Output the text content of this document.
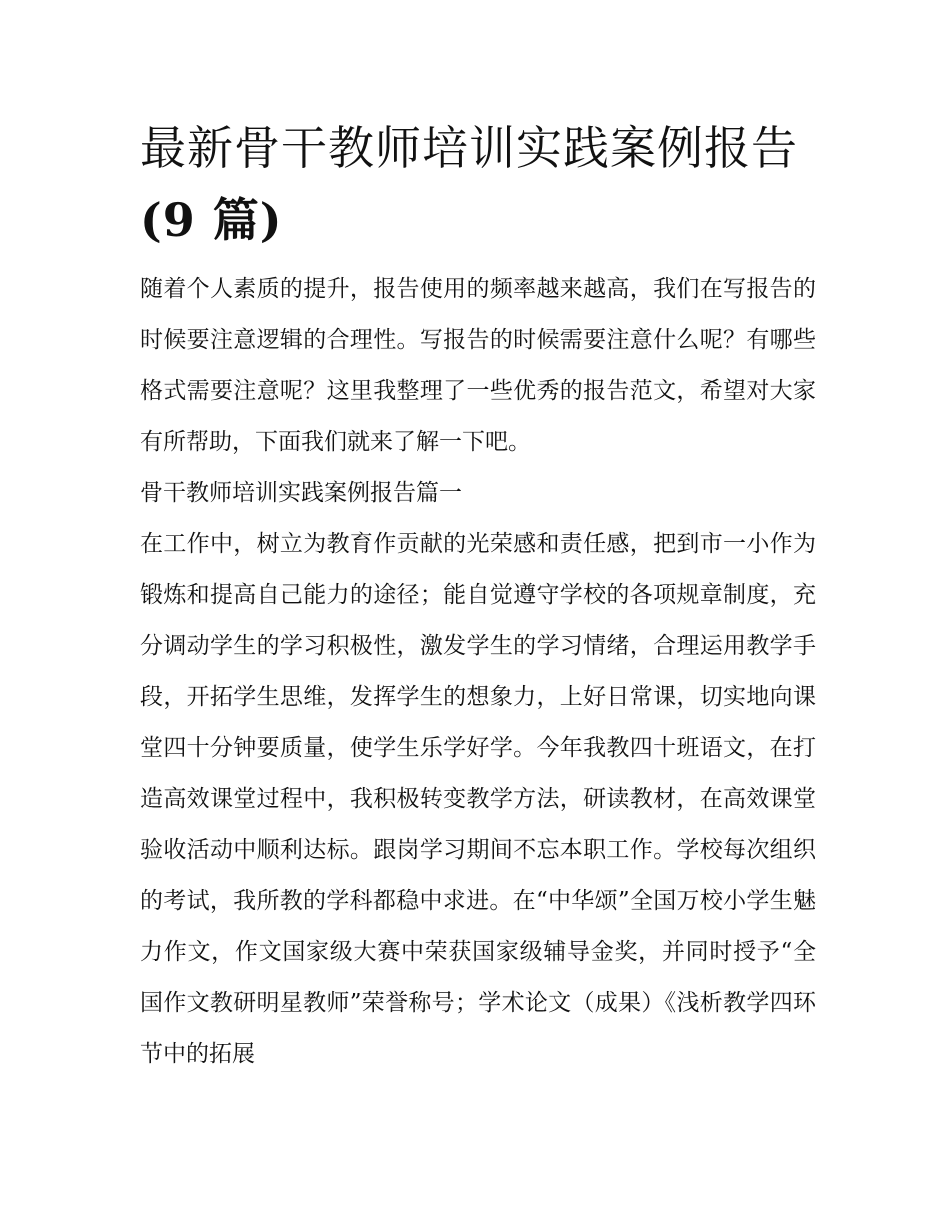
最新骨干教师培训实践案例报告
(9 篇)

随着个人素质的提升，报告使用的频率越来越高，我们在写报告的时候要注意逻辑的合理性。写报告的时候需要注意什么呢？有哪些格式需要注意呢？这里我整理了一些优秀的报告范文，希望对大家有所帮助，下面我们就来了解一下吧。

骨干教师培训实践案例报告篇一

在工作中，树立为教育作贡献的光荣感和责任感，把到市一小作为锻炼和提高自己能力的途径；能自觉遵守学校的各项规章制度，充分调动学生的学习积极性，激发学生的学习情绪，合理运用教学手段，开拓学生思维，发挥学生的想象力，上好日常课，切实地向课堂四十分钟要质量，使学生乐学好学。今年我教四十班语文，在打造高效课堂过程中，我积极转变教学方法，研读教材，在高效课堂验收活动中顺利达标。跟岗学习期间不忘本职工作。学校每次组织的考试，我所教的学科都稳中求进。在“中华颂”全国万校小学生魅力作文，作文国家级大赛中荣获国家级辅导金奖，并同时授予“全国作文教研明星教师”荣誉称号；学术论文（成果）《浅析教学四环节中的拓展
